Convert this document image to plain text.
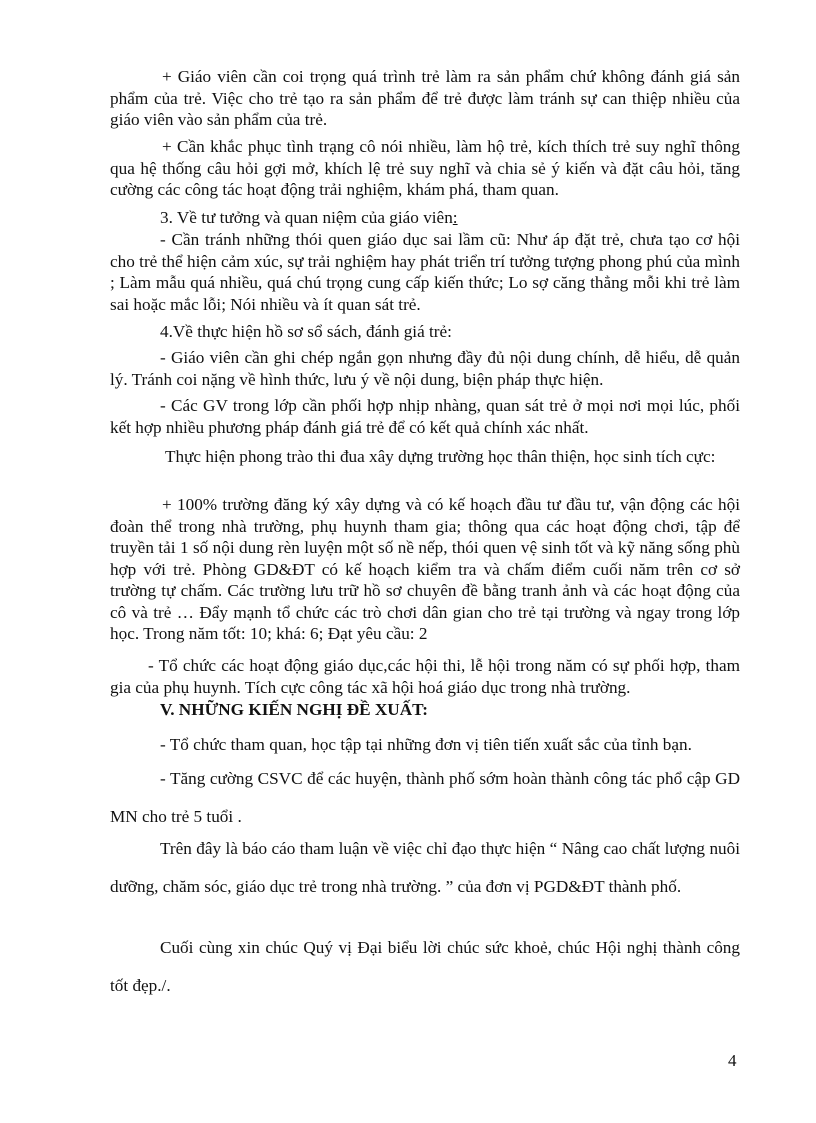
+ Giáo viên cần coi trọng quá trình trẻ làm ra sản phẩm chứ không đánh giá sản phẩm của trẻ. Việc cho trẻ tạo ra sản phẩm để trẻ được làm tránh sự can thiệp nhiều của giáo viên vào sản phẩm của trẻ.

+ Cần khắc phục tình trạng cô nói nhiều, làm hộ trẻ, kích thích trẻ suy nghĩ thông qua hệ thống câu hỏi gợi mở, khích lệ trẻ suy nghĩ và chia sẻ ý kiến và đặt câu hỏi, tăng cường các công tác hoạt động trải nghiệm, khám phá, tham quan.

3. Về tư tưởng và quan niệm của giáo viên:

- Cần tránh những thói quen giáo dục sai lầm cũ: Như áp đặt trẻ, chưa tạo cơ hội cho trẻ thể hiện cảm xúc, sự trải nghiệm hay phát triển trí tưởng tượng phong phú của mình ; Làm mẫu quá nhiều, quá chú trọng cung cấp kiến thức; Lo sợ căng thẳng mỗi khi trẻ làm sai hoặc mắc lỗi; Nói nhiều và ít quan sát trẻ.

4.Về thực hiện hồ sơ sổ sách, đánh giá trẻ:

- Giáo viên cần ghi chép ngắn gọn nhưng đầy đủ nội dung chính, dễ hiểu, dễ quản lý. Tránh coi nặng về hình thức, lưu ý về nội dung, biện pháp thực hiện.

- Các GV trong lớp cần phối hợp nhịp nhàng, quan sát trẻ ở mọi nơi mọi lúc, phối kết hợp nhiều phương pháp đánh giá trẻ để có kết quả chính xác nhất.

Thực hiện phong trào thi đua xây dựng trường học thân thiện, học sinh tích cực:

+ 100% trường đăng ký xây dựng và có kế hoạch đầu tư đầu tư, vận động các hội đoàn thể trong nhà trường, phụ huynh tham gia; thông qua các hoạt động chơi, tập để truyền tải 1 số nội dung rèn luyện một số nề nếp, thói quen vệ sinh tốt và kỹ năng sống phù hợp với trẻ. Phòng GD&ĐT có kế hoạch kiểm tra và chấm điểm cuối năm trên cơ sở trường tự chấm. Các trường lưu trữ hồ sơ chuyên đề bằng tranh ảnh và các hoạt động của cô và trẻ … Đẩy mạnh tổ chức các trò chơi dân gian cho trẻ tại trường và ngay trong lớp học. Trong năm tốt: 10; khá: 6; Đạt yêu cầu: 2

- Tổ chức các hoạt động giáo dục,các hội thi, lễ hội trong năm có sự phối hợp, tham gia của phụ huynh. Tích cực công tác xã hội hoá giáo dục trong nhà trường.

V. NHỮNG KIẾN NGHỊ ĐỀ XUẤT:

- Tổ chức tham quan, học tập tại những đơn vị tiên tiến xuất sắc của tỉnh bạn.

- Tăng cường CSVC để các huyện, thành phố sớm hoàn thành công tác phổ cập GD MN cho trẻ 5 tuổi .

Trên đây là báo cáo tham luận về việc chỉ đạo thực hiện “ Nâng cao chất lượng nuôi dưỡng, chăm sóc, giáo dục trẻ trong nhà trường. ” của đơn vị PGD&ĐT thành phố.

Cuối cùng xin chúc Quý vị Đại biểu lời chúc sức khoẻ, chúc Hội nghị thành công tốt đẹp./.

4
